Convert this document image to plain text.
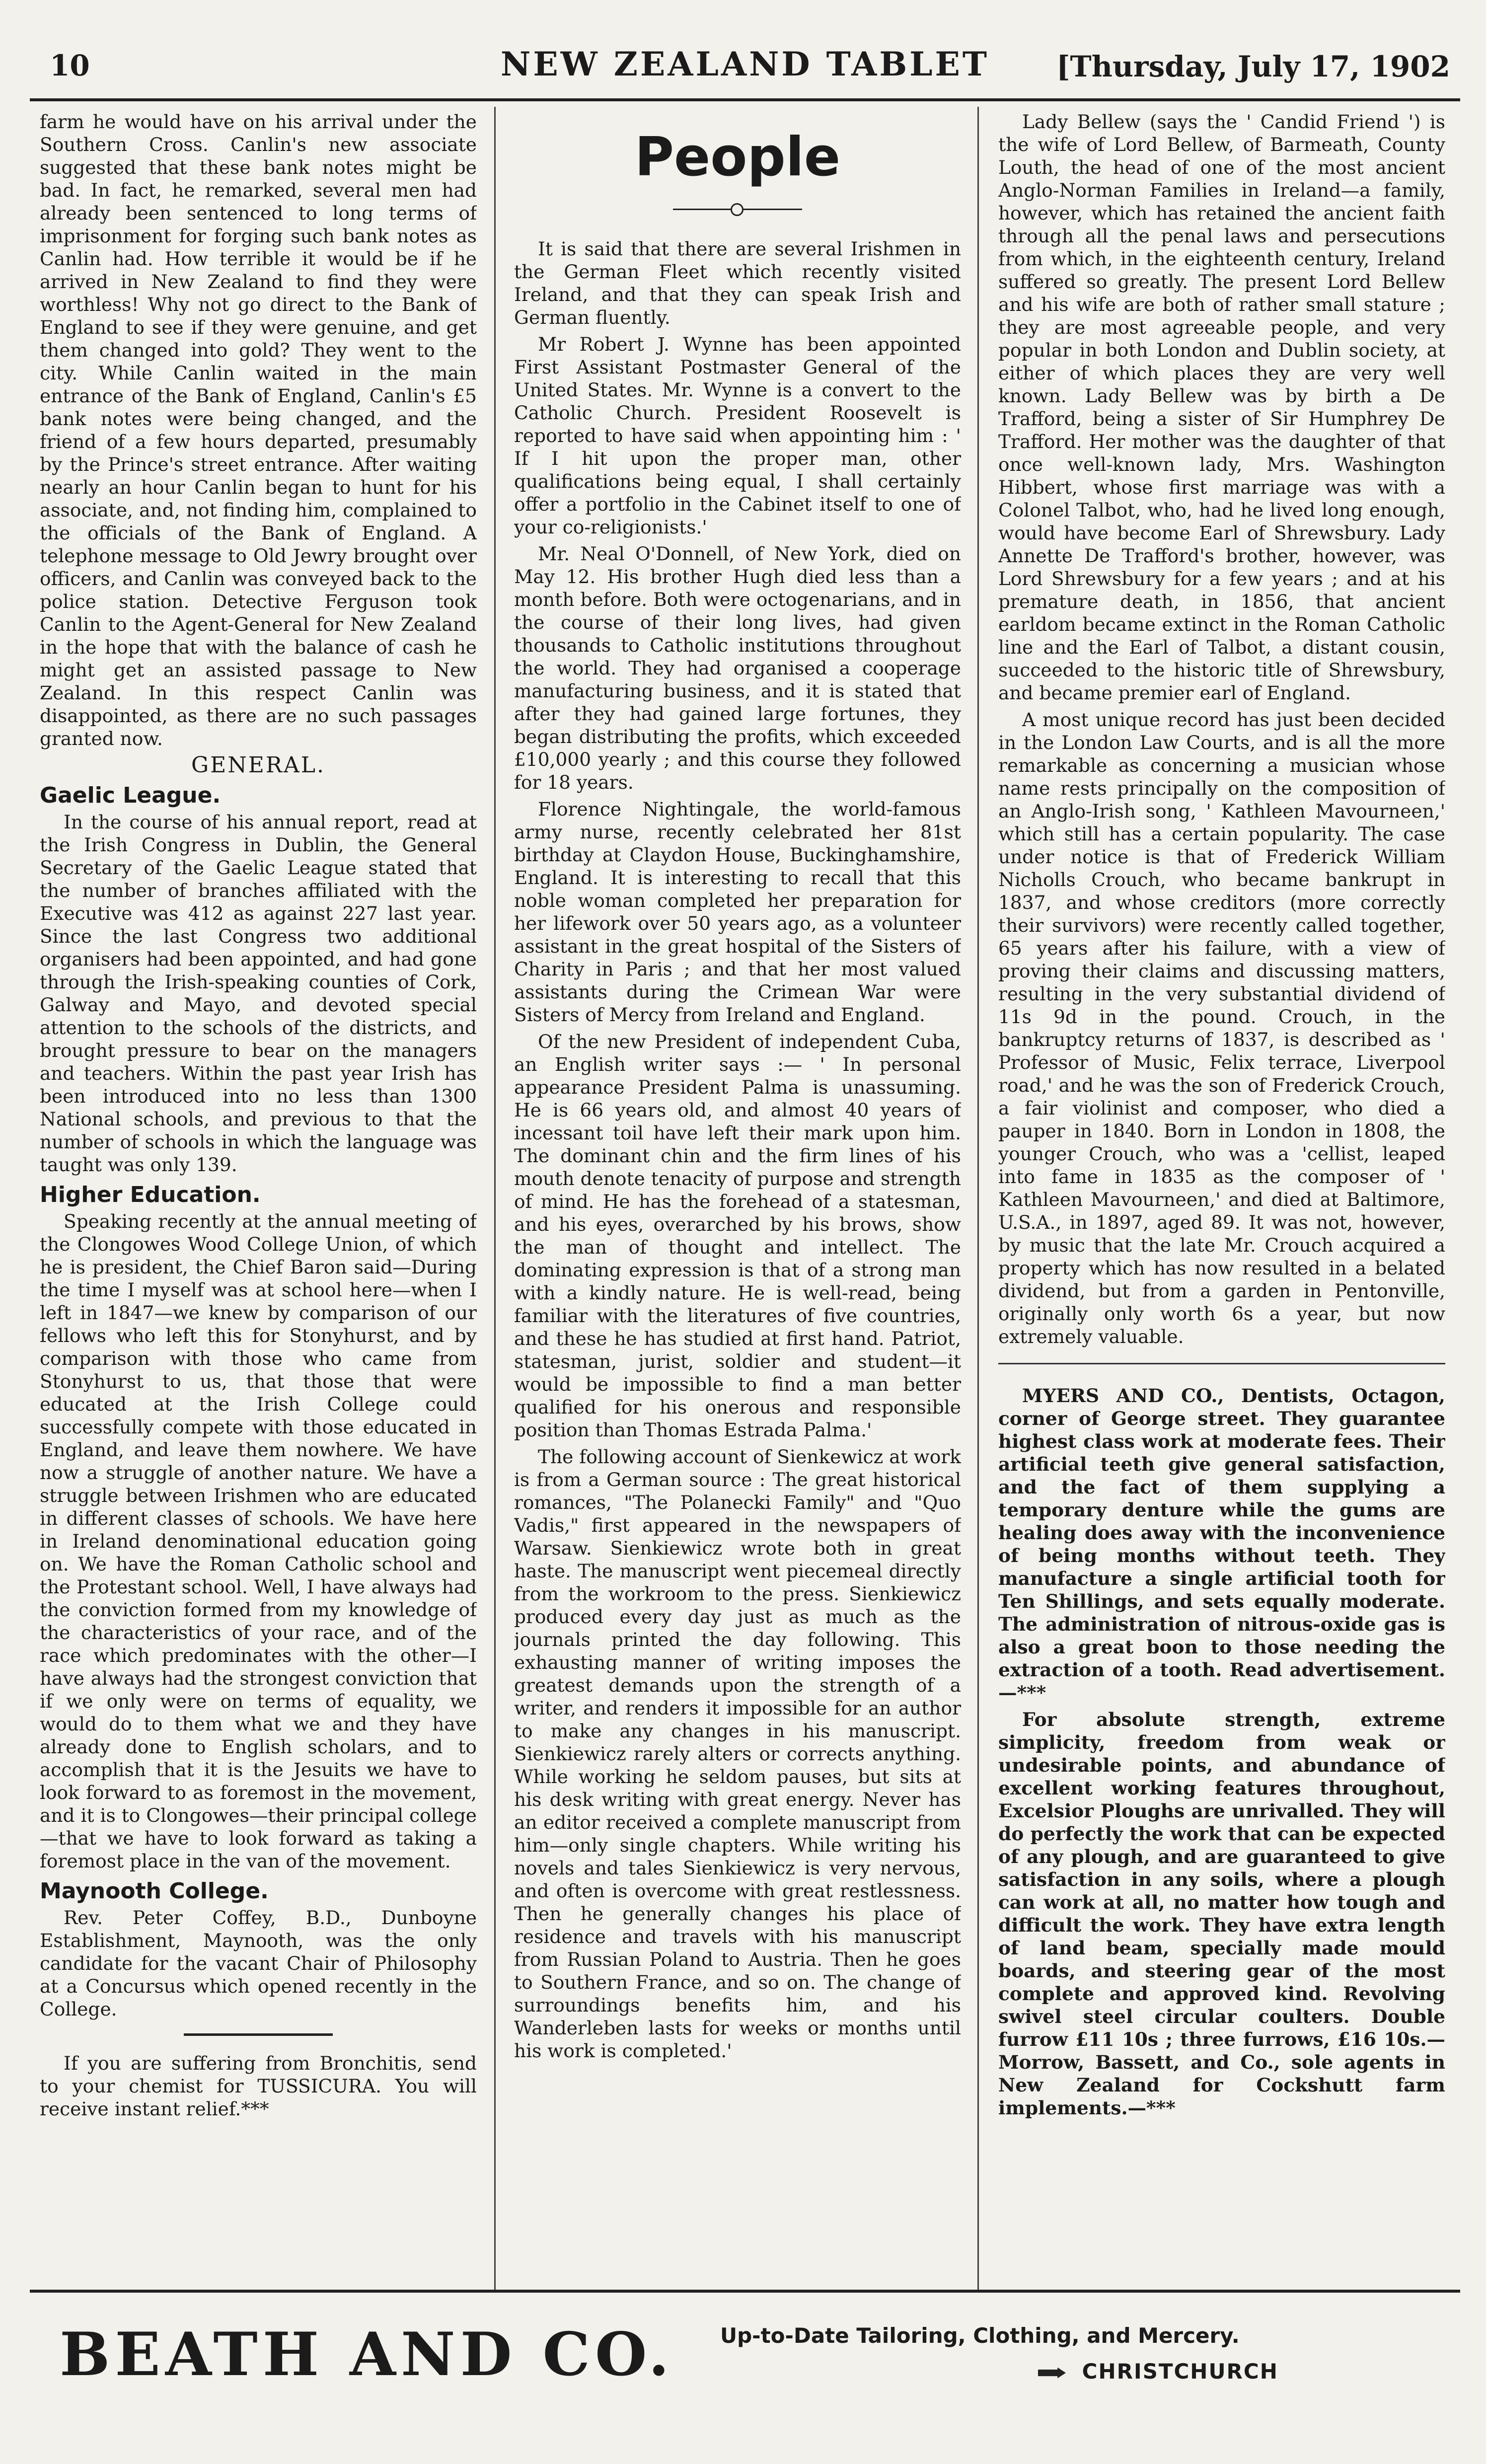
10	NEW ZEALAND TABLET	[Thursday, July 17, 1902

farm he would have on his arrival under the Southern Cross. Canlin's new associate suggested that these bank notes might be bad. In fact, he remarked, several men had already been sentenced to long terms of imprisonment for forging such bank notes as Canlin had. How terrible it would be if he arrived in New Zealand to find they were worthless! Why not go direct to the Bank of England to see if they were genuine, and get them changed into gold? They went to the city. While Canlin waited in the main entrance of the Bank of England, Canlin's £5 bank notes were being changed, and the friend of a few hours departed, presumably by the Prince's street entrance. After waiting nearly an hour Canlin began to hunt for his associate, and, not finding him, complained to the officials of the Bank of England. A telephone message to Old Jewry brought over officers, and Canlin was conveyed back to the police station. Detective Ferguson took Canlin to the Agent-General for New Zealand in the hope that with the balance of cash he might get an assisted passage to New Zealand. In this respect Canlin was disappointed, as there are no such passages granted now.

GENERAL.
Gaelic League.

In the course of his annual report, read at the Irish Congress in Dublin, the General Secretary of the Gaelic League stated that the number of branches affiliated with the Executive was 412 as against 227 last year. Since the last Congress two additional organisers had been appointed, and had gone through the Irish-speaking counties of Cork, Galway and Mayo, and devoted special attention to the schools of the districts, and brought pressure to bear on the managers and teachers. Within the past year Irish has been introduced into no less than 1300 National schools, and previous to that the number of schools in which the language was taught was only 139.

Higher Education.

Speaking recently at the annual meeting of the Clongowes Wood College Union, of which he is president, the Chief Baron said—During the time I myself was at school here—when I left in 1847—we knew by comparison of our fellows who left this for Stonyhurst, and by comparison with those who came from Stonyhurst to us, that those that were educated at the Irish College could successfully compete with those educated in England, and leave them nowhere. We have now a struggle of another nature. We have a struggle between Irishmen who are educated in different classes of schools. We have here in Ireland denominational education going on. We have the Roman Catholic school and the Protestant school. Well, I have always had the conviction formed from my knowledge of the characteristics of your race, and of the race which predominates with the other—I have always had the strongest conviction that if we only were on terms of equality, we would do to them what we and they have already done to English scholars, and to accomplish that it is the Jesuits we have to look forward to as foremost in the movement, and it is to Clongowes—their principal college—that we have to look forward as taking a foremost place in the van of the movement.

Maynooth College.

Rev. Peter Coffey, B.D., Dunboyne Establishment, Maynooth, was the only candidate for the vacant Chair of Philosophy at a Concursus which opened recently in the College.

If you are suffering from Bronchitis, send to your chemist for TUSSICURA. You will receive instant relief.***

People

It is said that there are several Irishmen in the German Fleet which recently visited Ireland, and that they can speak Irish and German fluently.

Mr Robert J. Wynne has been appointed First Assistant Postmaster General of the United States. Mr. Wynne is a convert to the Catholic Church. President Roosevelt is reported to have said when appointing him : ' If I hit upon the proper man, other qualifications being equal, I shall certainly offer a portfolio in the Cabinet itself to one of your co-religionists.'

Mr. Neal O'Donnell, of New York, died on May 12. His brother Hugh died less than a month before. Both were octogenarians, and in the course of their long lives, had given thousands to Catholic institutions throughout the world. They had organised a cooperage manufacturing business, and it is stated that after they had gained large fortunes, they began distributing the profits, which exceeded £10,000 yearly ; and this course they followed for 18 years.

Florence Nightingale, the world-famous army nurse, recently celebrated her 81st birthday at Claydon House, Buckinghamshire, England. It is interesting to recall that this noble woman completed her preparation for her lifework over 50 years ago, as a volunteer assistant in the great hospital of the Sisters of Charity in Paris ; and that her most valued assistants during the Crimean War were Sisters of Mercy from Ireland and England.

Of the new President of independent Cuba, an English writer says :— ' In personal appearance President Palma is unassuming. He is 66 years old, and almost 40 years of incessant toil have left their mark upon him. The dominant chin and the firm lines of his mouth denote tenacity of purpose and strength of mind. He has the forehead of a statesman, and his eyes, overarched by his brows, show the man of thought and intellect. The dominating expression is that of a strong man with a kindly nature. He is well-read, being familiar with the literatures of five countries, and these he has studied at first hand. Patriot, statesman, jurist, soldier and student—it would be impossible to find a man better qualified for his onerous and responsible position than Thomas Estrada Palma.'

The following account of Sienkewicz at work is from a German source : The great historical romances, "The Polanecki Family" and "Quo Vadis," first appeared in the newspapers of Warsaw. Sienkiewicz wrote both in great haste. The manuscript went piecemeal directly from the workroom to the press. Sienkiewicz produced every day just as much as the journals printed the day following. This exhausting manner of writing imposes the greatest demands upon the strength of a writer, and renders it impossible for an author to make any changes in his manuscript. Sienkiewicz rarely alters or corrects anything. While working he seldom pauses, but sits at his desk writing with great energy. Never has an editor received a complete manuscript from him—only single chapters. While writing his novels and tales Sienkiewicz is very nervous, and often is overcome with great restlessness. Then he generally changes his place of residence and travels with his manuscript from Russian Poland to Austria. Then he goes to Southern France, and so on. The change of surroundings benefits him, and his Wanderleben lasts for weeks or months until his work is completed.'

Lady Bellew (says the ' Candid Friend ') is the wife of Lord Bellew, of Barmeath, County Louth, the head of one of the most ancient Anglo-Norman Families in Ireland—a family, however, which has retained the ancient faith through all the penal laws and persecutions from which, in the eighteenth century, Ireland suffered so greatly. The present Lord Bellew and his wife are both of rather small stature ; they are most agreeable people, and very popular in both London and Dublin society, at either of which places they are very well known. Lady Bellew was by birth a De Trafford, being a sister of Sir Humphrey De Trafford. Her mother was the daughter of that once well-known lady, Mrs. Washington Hibbert, whose first marriage was with a Colonel Talbot, who, had he lived long enough, would have become Earl of Shrewsbury. Lady Annette De Trafford's brother, however, was Lord Shrewsbury for a few years ; and at his premature death, in 1856, that ancient earldom became extinct in the Roman Catholic line and the Earl of Talbot, a distant cousin, succeeded to the historic title of Shrewsbury, and became premier earl of England.

A most unique record has just been decided in the London Law Courts, and is all the more remarkable as concerning a musician whose name rests principally on the composition of an Anglo-Irish song, ' Kathleen Mavourneen,' which still has a certain popularity. The case under notice is that of Frederick William Nicholls Crouch, who became bankrupt in 1837, and whose creditors (more correctly their survivors) were recently called together, 65 years after his failure, with a view of proving their claims and discussing matters, resulting in the very substantial dividend of 11s 9d in the pound. Crouch, in the bankruptcy returns of 1837, is described as ' Professor of Music, Felix terrace, Liverpool road,' and he was the son of Frederick Crouch, a fair violinist and composer, who died a pauper in 1840. Born in London in 1808, the younger Crouch, who was a 'cellist, leaped into fame in 1835 as the composer of ' Kathleen Mavourneen,' and died at Baltimore, U.S.A., in 1897, aged 89. It was not, however, by music that the late Mr. Crouch acquired a property which has now resulted in a belated dividend, but from a garden in Pentonville, originally only worth 6s a year, but now extremely valuable.

MYERS AND CO., Dentists, Octagon, corner of George street. They guarantee highest class work at moderate fees. Their artificial teeth give general satisfaction, and the fact of them supplying a temporary denture while the gums are healing does away with the inconvenience of being months without teeth. They manufacture a single artificial tooth for Ten Shillings, and sets equally moderate. The administration of nitrous-oxide gas is also a great boon to those needing the extraction of a tooth. Read advertisement.—***

For absolute strength, extreme simplicity, freedom from weak or undesirable points, and abundance of excellent working features throughout, Excelsior Ploughs are unrivalled. They will do perfectly the work that can be expected of any plough, and are guaranteed to give satisfaction in any soils, where a plough can work at all, no matter how tough and difficult the work. They have extra length of land beam, specially made mould boards, and steering gear of the most complete and approved kind. Revolving swivel steel circular coulters. Double furrow £11 10s ; three furrows, £16 10s.—Morrow, Bassett, and Co., sole agents in New Zealand for Cockshutt farm implements.—***

BEATH AND CO. Up-to-Date Tailoring, Clothing, and Mercery.
CHRISTCHURCH
